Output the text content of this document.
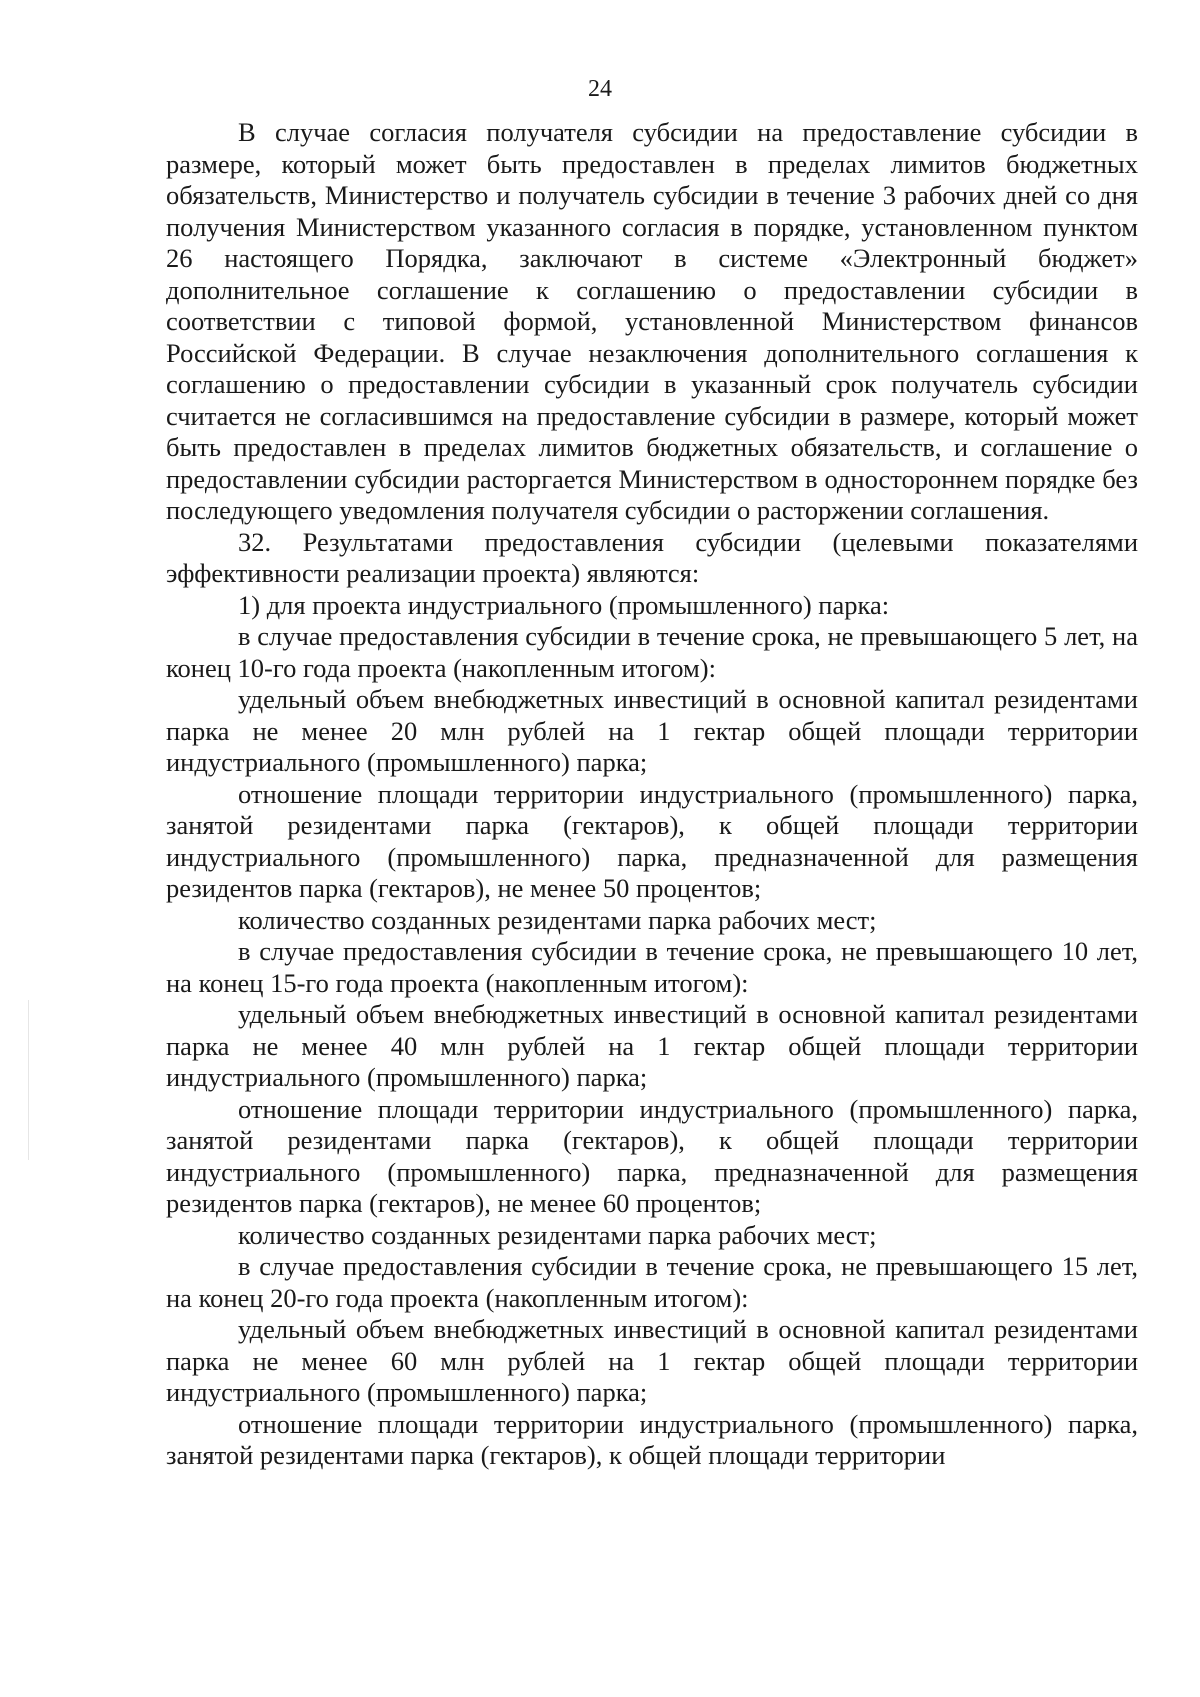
24

В случае согласия получателя субсидии на предоставление субсидии в размере, который может быть предоставлен в пределах лимитов бюджетных обязательств, Министерство и получатель субсидии в течение 3 рабочих дней со дня получения Министерством указанного согласия в порядке, установленном пунктом 26 настоящего Порядка, заключают в системе «Электронный бюджет» дополнительное соглашение к соглашению о предоставлении субсидии в соответствии с типовой формой, установленной Министерством финансов Российской Федерации. В случае незаключения дополнительного соглашения к соглашению о предоставлении субсидии в указанный срок получатель субсидии считается не согласившимся на предоставление субсидии в размере, который может быть предоставлен в пределах лимитов бюджетных обязательств, и соглашение о предоставлении субсидии расторгается Министерством в одностороннем порядке без последующего уведомления получателя субсидии о расторжении соглашения.

32. Результатами предоставления субсидии (целевыми показателями эффективности реализации проекта) являются:

1) для проекта индустриального (промышленного) парка:

в случае предоставления субсидии в течение срока, не превышающего 5 лет, на конец 10-го года проекта (накопленным итогом):

удельный объем внебюджетных инвестиций в основной капитал резидентами парка не менее 20 млн рублей на 1 гектар общей площади территории индустриального (промышленного) парка;

отношение площади территории индустриального (промышленного) парка, занятой резидентами парка (гектаров), к общей площади территории индустриального (промышленного) парка, предназначенной для размещения резидентов парка (гектаров), не менее 50 процентов;

количество созданных резидентами парка рабочих мест;

в случае предоставления субсидии в течение срока, не превышающего 10 лет, на конец 15-го года проекта (накопленным итогом):

удельный объем внебюджетных инвестиций в основной капитал резидентами парка не менее 40 млн рублей на 1 гектар общей площади территории индустриального (промышленного) парка;

отношение площади территории индустриального (промышленного) парка, занятой резидентами парка (гектаров), к общей площади территории индустриального (промышленного) парка, предназначенной для размещения резидентов парка (гектаров), не менее 60 процентов;

количество созданных резидентами парка рабочих мест;

в случае предоставления субсидии в течение срока, не превышающего 15 лет, на конец 20-го года проекта (накопленным итогом):

удельный объем внебюджетных инвестиций в основной капитал резидентами парка не менее 60 млн рублей на 1 гектар общей площади территории индустриального (промышленного) парка;

отношение площади территории индустриального (промышленного) парка, занятой резидентами парка (гектаров), к общей площади территории
